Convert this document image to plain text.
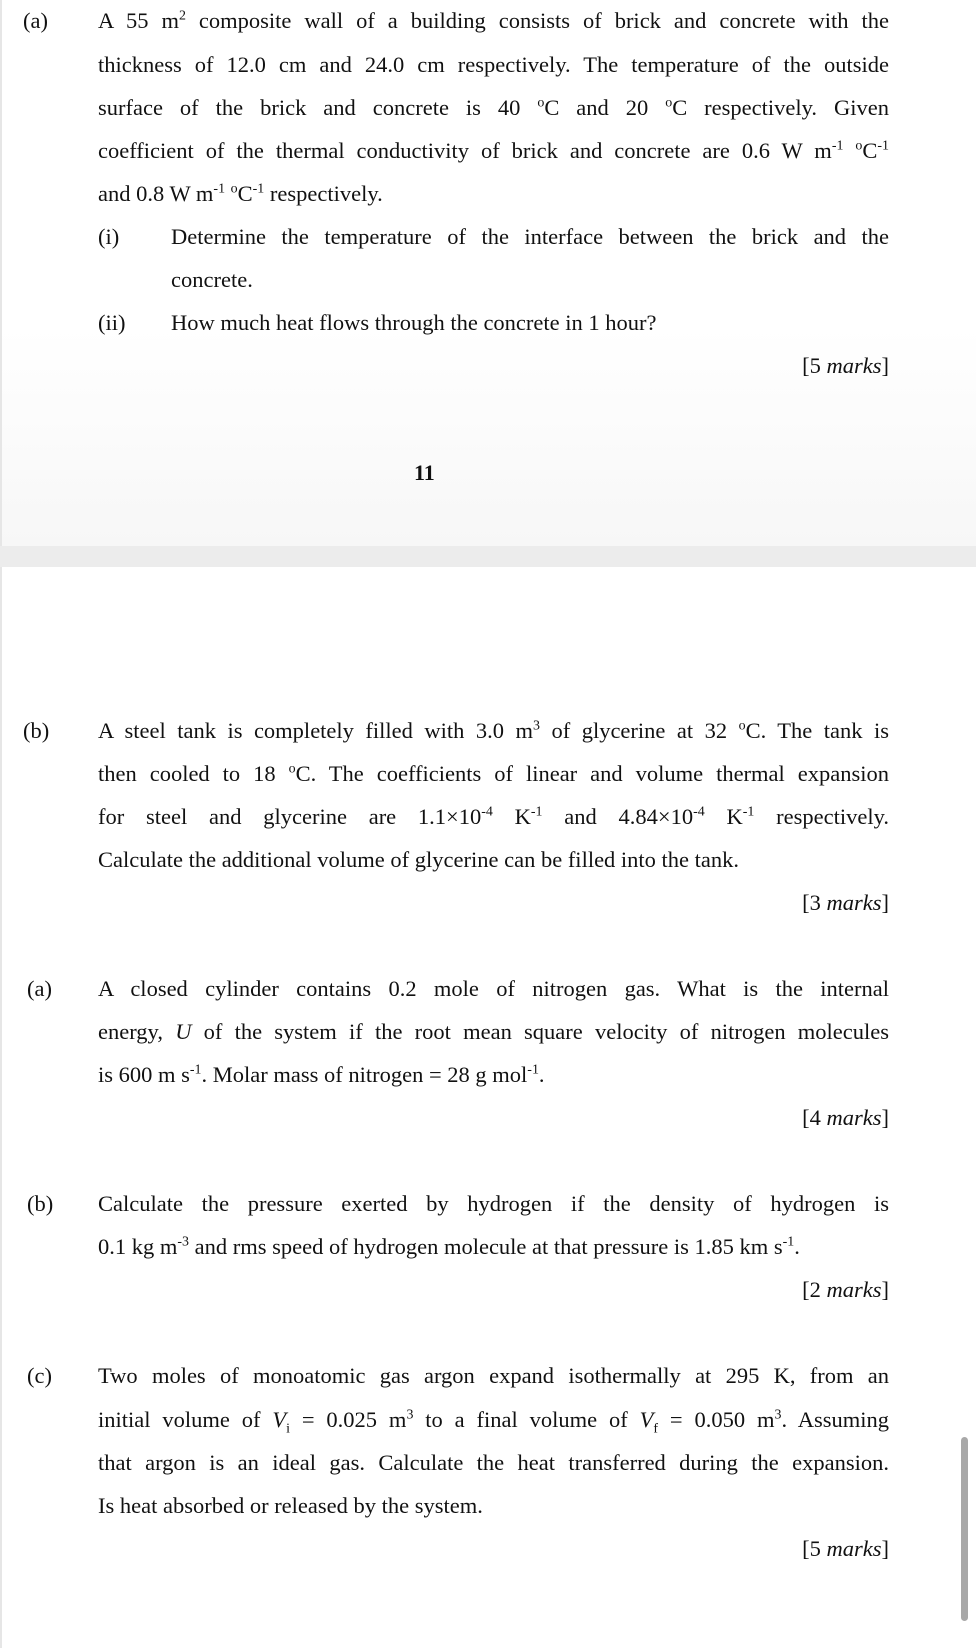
11
(a) A 55 $m^2$ composite wall of a building consists of brick and concrete with the
thickness of 12.0 cm and 24.0 cm respectively. The temperature of the outside
surface of the brick and concrete is 40 $^o$C and 20 $^o$C respectively. Given
coefficient of the thermal conductivity of brick and concrete are 0.6 W $m^{-1}$ $^oC^{-1}$
and 0.8 W $m^{-1}$ $^oC^{-1}$ respectively.
(i) Determine the temperature of the interface between the brick and the
concrete.
(ii) How much heat flows through the concrete in 1 hour?
[5 marks]
(b) A steel tank is completely filled with 3.0 $m^3$ of glycerine at 32 $^o$C. The tank is
then cooled to 18 $^o$C. The coefficients of linear and volume thermal expansion
for steel and glycerine are $1.1\times 10^{-4}$ $K^{-1}$ and $4.84\times 10^{-4}$ $K^{-1}$ respectively.
Calculate the additional volume of glycerine can be filled into the tank.
[3 marks]
(a) A closed cylinder contains 0.2 mole of nitrogen gas. What is the internal
energy, U of the system if the root mean square velocity of nitrogen molecules
is 600 m $s^{-1}$. Molar mass of nitrogen = 28 g mol$^{-1}$.
[4 marks]
(b) Calculate the pressure exerted by hydrogen if the density of hydrogen is
0.1 kg $m^{-3}$ and rms speed of hydrogen molecule at that pressure is 1.85 km $s^{-1}$.
[2 marks]
(c) Two moles of monoatomic gas argon expand isothermally at 295 K, from an
initial volume of $V_i = 0.025$ $m^3$ to a final volume of $V_f = 0.050$ $m^3$. Assuming
that argon is an ideal gas. Calculate the heat transferred during the expansion.
Is heat absorbed or released by the system.
[5 marks]
